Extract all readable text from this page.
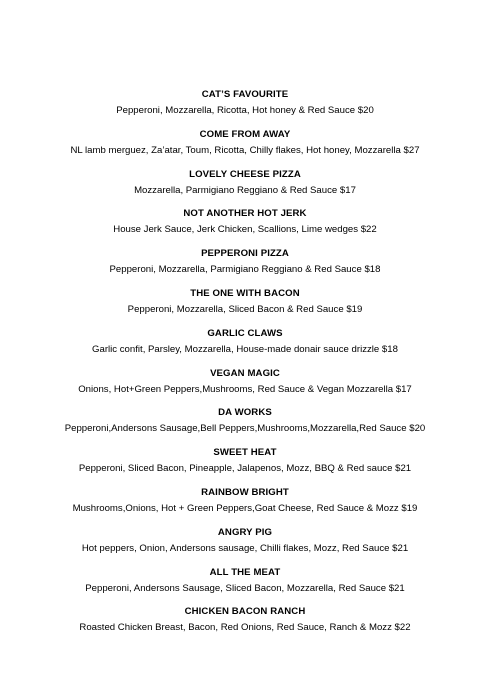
CAT’S FAVOURITE
Pepperoni, Mozzarella, Ricotta, Hot honey & Red Sauce $20
COME FROM AWAY
NL lamb merguez, Za’atar, Toum, Ricotta, Chilly flakes, Hot honey, Mozzarella $27
LOVELY CHEESE PIZZA
Mozzarella, Parmigiano Reggiano & Red Sauce $17
NOT ANOTHER HOT JERK
House Jerk Sauce, Jerk Chicken, Scallions, Lime wedges $22
PEPPERONI PIZZA
Pepperoni, Mozzarella, Parmigiano Reggiano & Red Sauce $18
THE ONE WITH BACON
Pepperoni, Mozzarella, Sliced Bacon & Red Sauce $19
GARLIC CLAWS
Garlic confit, Parsley, Mozzarella, House-made donair sauce drizzle $18
VEGAN MAGIC
Onions, Hot+Green Peppers,Mushrooms, Red Sauce & Vegan Mozzarella $17
DA WORKS
Pepperoni,Andersons Sausage,Bell Peppers,Mushrooms,Mozzarella,Red Sauce $20
SWEET HEAT
Pepperoni, Sliced Bacon, Pineapple, Jalapenos, Mozz, BBQ & Red sauce $21
RAINBOW BRIGHT
Mushrooms,Onions, Hot + Green Peppers,Goat Cheese, Red Sauce & Mozz $19
ANGRY PIG
Hot peppers, Onion, Andersons sausage, Chilli flakes, Mozz, Red Sauce $21
ALL THE MEAT
Pepperoni, Andersons Sausage, Sliced Bacon, Mozzarella, Red Sauce $21
CHICKEN BACON RANCH
Roasted Chicken Breast, Bacon, Red Onions, Red Sauce, Ranch & Mozz $22
